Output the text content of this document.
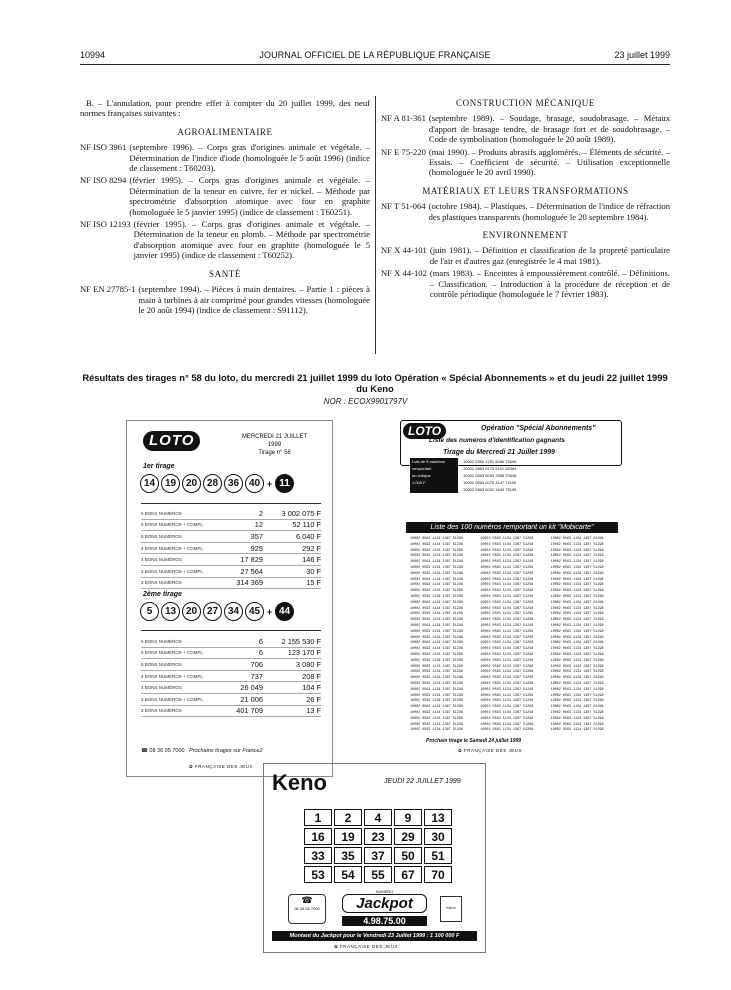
10994	JOURNAL OFFICIEL DE LA RÉPUBLIQUE FRANÇAISE	23 juillet 1999

B. – L'annulation, pour prendre effet à compter du 20 juillet 1999, des neuf normes françaises suivantes :

AGROALIMENTAIRE
NF ISO 3961 (septembre 1996). – Corps gras d'origines animale et végétale. – Détermination de l'indice d'iode (homologuée le 5 août 1996) (indice de classement : T60203).
NF ISO 8294 (février 1995). – Corps gras d'origines animale et végétale. – Détermination de la teneur en cuivre, fer et nickel. – Méthode par spectrométrie d'absorption atomique avec four en graphite (homologuée le 5 janvier 1995) (indice de classement : T60251).
NF ISO 12193 (février 1995). – Corps gras d'origines animale et végétale. – Détermination de la teneur en plomb. – Méthode par spectrométrie d'absorption atomique avec four en graphite (homologuée le 5 janvier 1995) (indice de classement : T60252).
SANTÉ
NF EN 27785-1 (septembre 1994). – Pièces à main dentaires. – Partie 1 : pièces à main à turbines à air comprimé pour grandes vitesses (homologuée le 20 août 1994) (indice de classement : S91112).
CONSTRUCTION MÉCANIQUE
NF A 81-361 (septembre 1989). – Soudage, brasage, soudobrasage. – Métaux d'apport de brasage tendre, de brasage fort et de soudobrasage. – Code de symbolisation (homologuée le 20 août 1989).
NF E 75-220 (mai 1990). – Produits abrasifs agglomérés. – Éléments de sécurité. – Essais. – Coefficient de sécurité. – Utilisation exceptionnelle (homologuée le 20 avril 1990).
MATÉRIAUX ET LEURS TRANSFORMATIONS
NF T 51-064 (octobre 1984). – Plastiques. – Détermination de l'indice de réfraction des plastiques transparents (homologuée le 20 septembre 1984).
ENVIRONNEMENT
NF X 44-101 (juin 1981). – Définition et classification de la propreté particulaire de l'air et d'autres gaz (enregistrée le 4 mai 1981).
NF X 44-102 (mars 1983). – Enceintes à empoussièrement contrôlé. – Définitions. – Classification. – Introduction à la procédure de réception et de contrôle périodique (homologuée le 7 février 1983).
Résultats des tirages n° 58 du loto, du mercredi 21 juillet 1999 du loto Opération « Spécial Abonnements » et du jeudi 22 juillet 1999 du Keno
NOR : ECOX9901797V
LOTO	MERCREDI 21 JUILLET 1999
Tirage n° 58
1er tirage
14 19 20 28 36 40 + 11
6 BONS NUMÉROS	2	3 002 075 F
5 BONS NUMÉROS + COMPL.	12	52 110 F
5 BONS NUMÉROS	357	6 040 F
4 BONS NUMÉROS + COMPL.	925	292 F
4 BONS NUMÉROS	17 829	146 F
3 BONS NUMÉROS + COMPL.	27 564	30 F
3 BONS NUMÉROS	314 369	15 F
2ème tirage
5	13 20 27 34 45 + 44
6 BONS NUMÉROS	6	2 155 530 F
5 BONS NUMÉROS + COMPL.	6	123 170 F
5 BONS NUMÉROS	706	3 080 F
4 BONS NUMÉROS + COMPL.	737	208 F
4 BONS NUMÉROS	26 049	104 F
3 BONS NUMÉROS + COMPL.	21 006	26 F
3 BONS NUMÉROS	401 709	13 F
☎ 08 36 05 7000 Prochains tirages sur France2
✿ FRANÇAISE DES JEUX
LOTO	Opération "Spécial Abonnements"
Liste des numéros d'identification gagnants
Tirage du Mercredi 21 Juillet 1999
Lots de 5 numéros	10002 0560 1291 5056 73695
remportant	10002 0563 0175 9101 55364
un chèque	10002 0563 0053 7856 70646
1 000 F	10002 0563 0075 3147 71196
10002 0563 0022 1549 75135
Liste des 100 numéros remportant un kit "Mobicarte"
10002 0563 1134 1367 51298	10002 0563 1134 1367 51298	10002 0563 1134 1367 51298
10002 0563 1134 1367 51298	10002 0563 1134 1367 51298	10002 0563 1134 1367 51298
10002 0563 1134 1367 51298	10002 0563 1134 1367 51298	10002 0563 1134 1367 51298
10002 0563 1134 1367 51298	10002 0563 1134 1367 51298	10002 0563 1134 1367 51298
10002 0563 1134 1367 51298	10002 0563 1134 1367 51298	10002 0563 1134 1367 51298
10002 0563 1134 1367 51298	10002 0563 1134 1367 51298	10002 0563 1134 1367 51298
10002 0563 1134 1367 51298	10002 0563 1134 1367 51298	10002 0563 1134 1367 51298
10002 0563 1134 1367 51298	10002 0563 1134 1367 51298	10002 0563 1134 1367 51298
10002 0563 1134 1367 51298	10002 0563 1134 1367 51298	10002 0563 1134 1367 51298
10002 0563 1134 1367 51298	10002 0563 1134 1367 51298	10002 0563 1134 1367 51298
10002 0563 1134 1367 51298	10002 0563 1134 1367 51298	10002 0563 1134 1367 51298
10002 0563 1134 1367 51298	10002 0563 1134 1367 51298	10002 0563 1134 1367 51298
10002 0563 1134 1367 51298	10002 0563 1134 1367 51298	10002 0563 1134 1367 51298
10002 0563 1134 1367 51298	10002 0563 1134 1367 51298	10002 0563 1134 1367 51298
10002 0563 1134 1367 51298	10002 0563 1134 1367 51298	10002 0563 1134 1367 51298
10002 0563 1134 1367 51298	10002 0563 1134 1367 51298	10002 0563 1134 1367 51298
10002 0563 1134 1367 51298	10002 0563 1134 1367 51298	10002 0563 1134 1367 51298
10002 0563 1134 1367 51298	10002 0563 1134 1367 51298	10002 0563 1134 1367 51298
10002 0563 1134 1367 51298	10002 0563 1134 1367 51298	10002 0563 1134 1367 51298
10002 0563 1134 1367 51298	10002 0563 1134 1367 51298	10002 0563 1134 1367 51298
10002 0563 1134 1367 51298	10002 0563 1134 1367 51298	10002 0563 1134 1367 51298
10002 0563 1134 1367 51298	10002 0563 1134 1367 51298	10002 0563 1134 1367 51298
10002 0563 1134 1367 51298	10002 0563 1134 1367 51298	10002 0563 1134 1367 51298
10002 0563 1134 1367 51298	10002 0563 1134 1367 51298	10002 0563 1134 1367 51298
10002 0563 1134 1367 51298	10002 0563 1134 1367 51298	10002 0563 1134 1367 51298
10002 0563 1134 1367 51298	10002 0563 1134 1367 51298	10002 0563 1134 1367 51298
10002 0563 1134 1367 51298	10002 0563 1134 1367 51298	10002 0563 1134 1367 51298
10002 0563 1134 1367 51298	10002 0563 1134 1367 51298	10002 0563 1134 1367 51298
10002 0563 1134 1367 51298	10002 0563 1134 1367 51298	10002 0563 1134 1367 51298
10002 0563 1134 1367 51298	10002 0563 1134 1367 51298	10002 0563 1134 1367 51298
10002 0563 1134 1367 51298	10002 0563 1134 1367 51298	10002 0563 1134 1367 51298
10002 0563 1134 1367 51298	10002 0563 1134 1367 51298	10002 0563 1134 1367 51298
10002 0563 1134 1367 51298	10002 0563 1134 1367 51298	10002 0563 1134 1367 51298
10002 0563 1134 1367 51298	10002 0563 1134 1367 51298	10002 0563 1134 1367 51298
Prochain tirage le Samedi 24 juillet 1999
✿ FRANÇAISE DES JEUX
Keno	JEUDI 22 JUILLET 1999
1	2	4	9	13
16	19	23	29	30
33	35	37	50	51
53	54	55	67	70
☎
08 36 05 7000
NUMÉRO
Jackpot
4.98.75.00
Keno
Montant du Jackpot pour le Vendredi 23 Juillet 1999 : 1 100 000 F
✿ FRANÇAISE DES JEUX
